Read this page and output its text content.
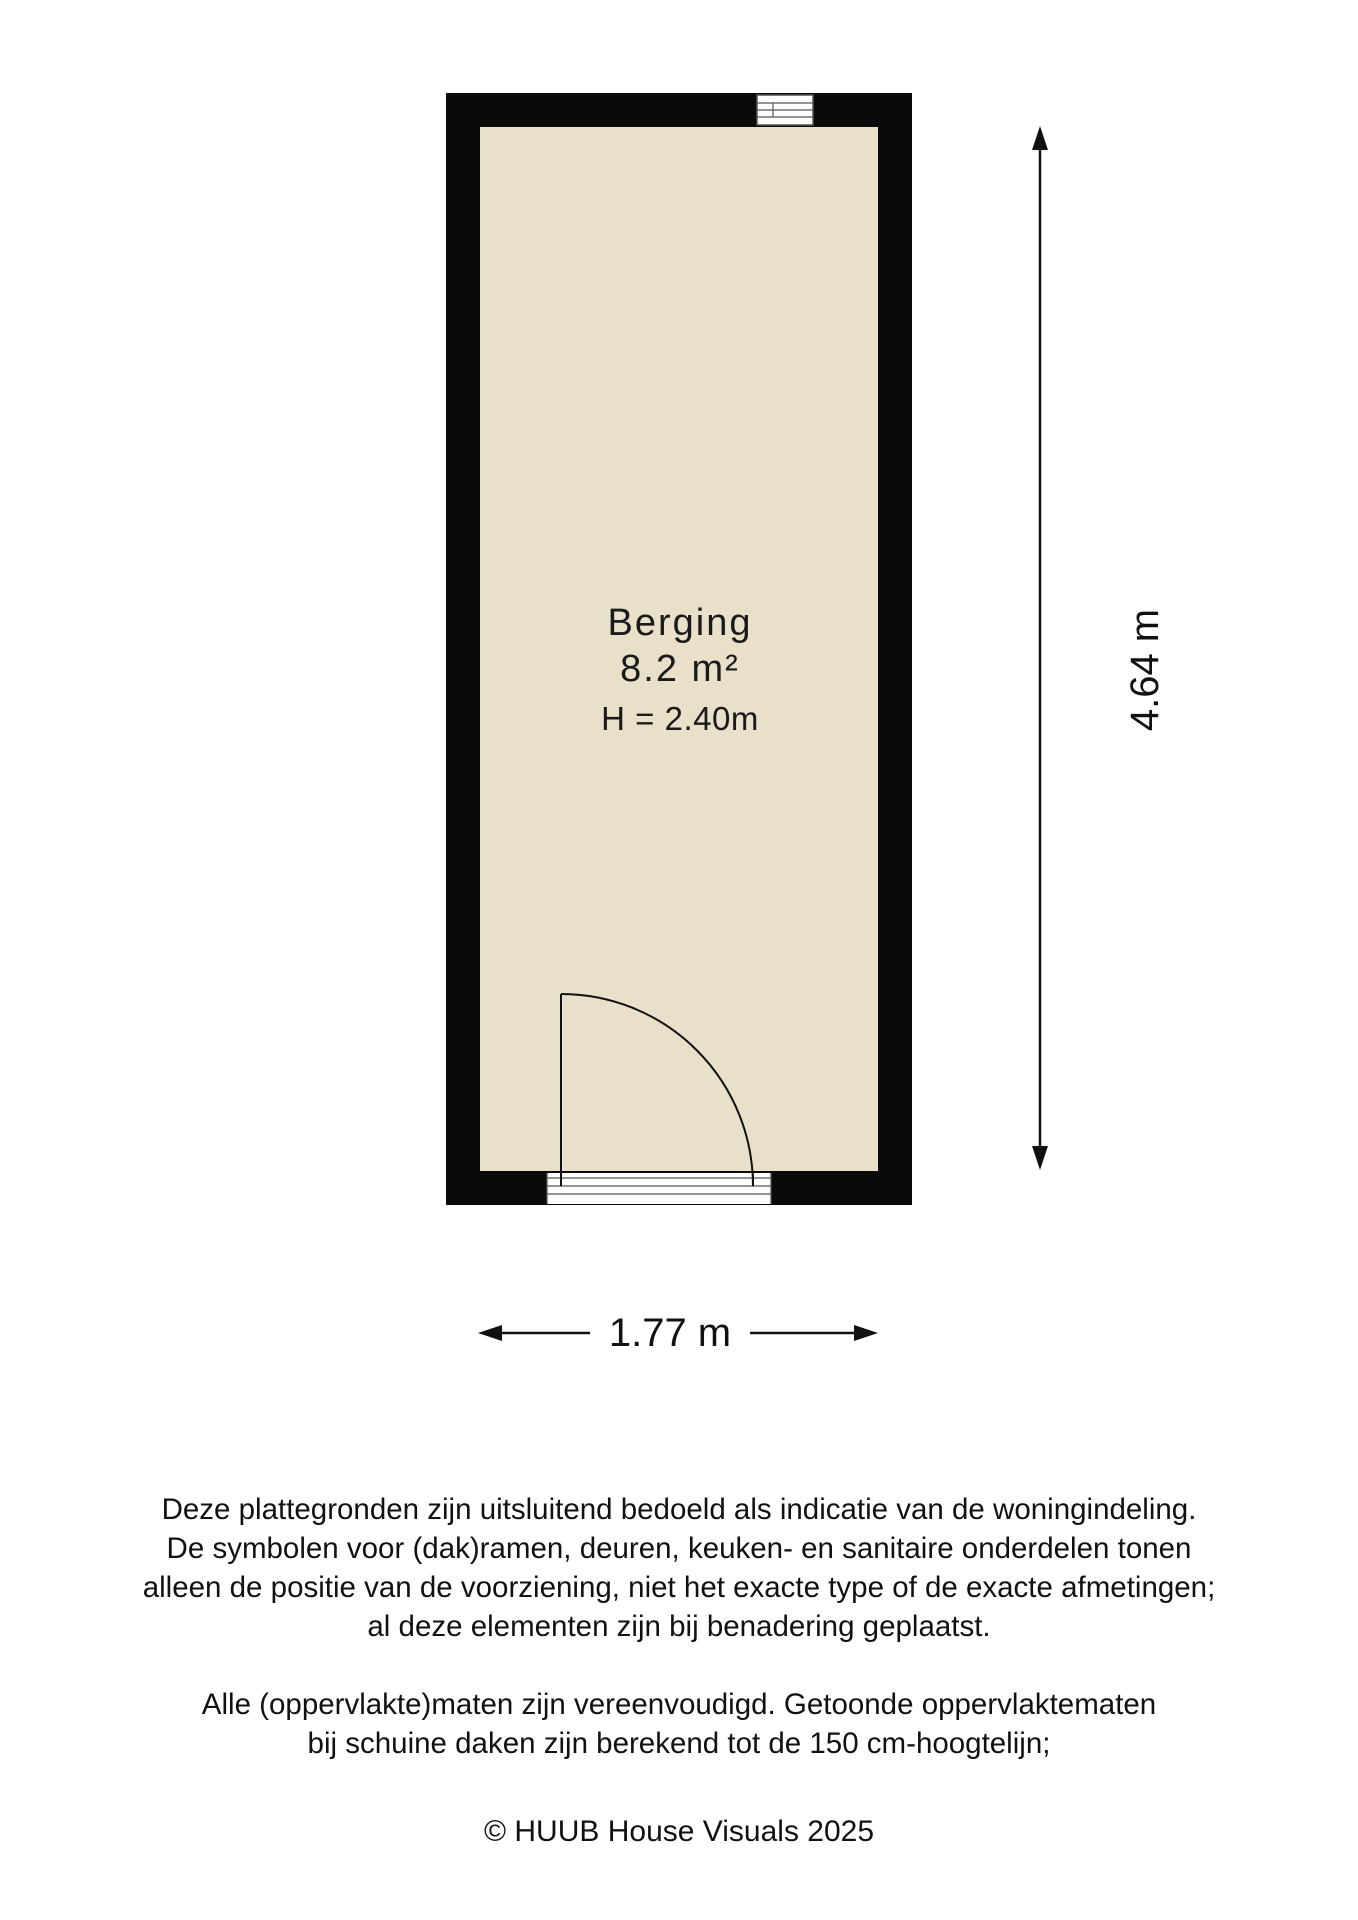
Berging
8.2 m²
H = 2.40m	4.64 m
1.77 m

Deze plattegronden zijn uitsluitend bedoeld als indicatie van de woningindeling.

De symbolen voor (dak)ramen, deuren, keuken- en sanitaire onderdelen tonen

alleen de positie van de voorziening, niet het exacte type of de exacte afmetingen;

al deze elementen zijn bij benadering geplaatst.

Alle (oppervlakte)maten zijn vereenvoudigd. Getoonde oppervlaktematen

bij schuine daken zijn berekend tot de 150 cm-hoogtelijn;

© HUUB House Visuals 2025
